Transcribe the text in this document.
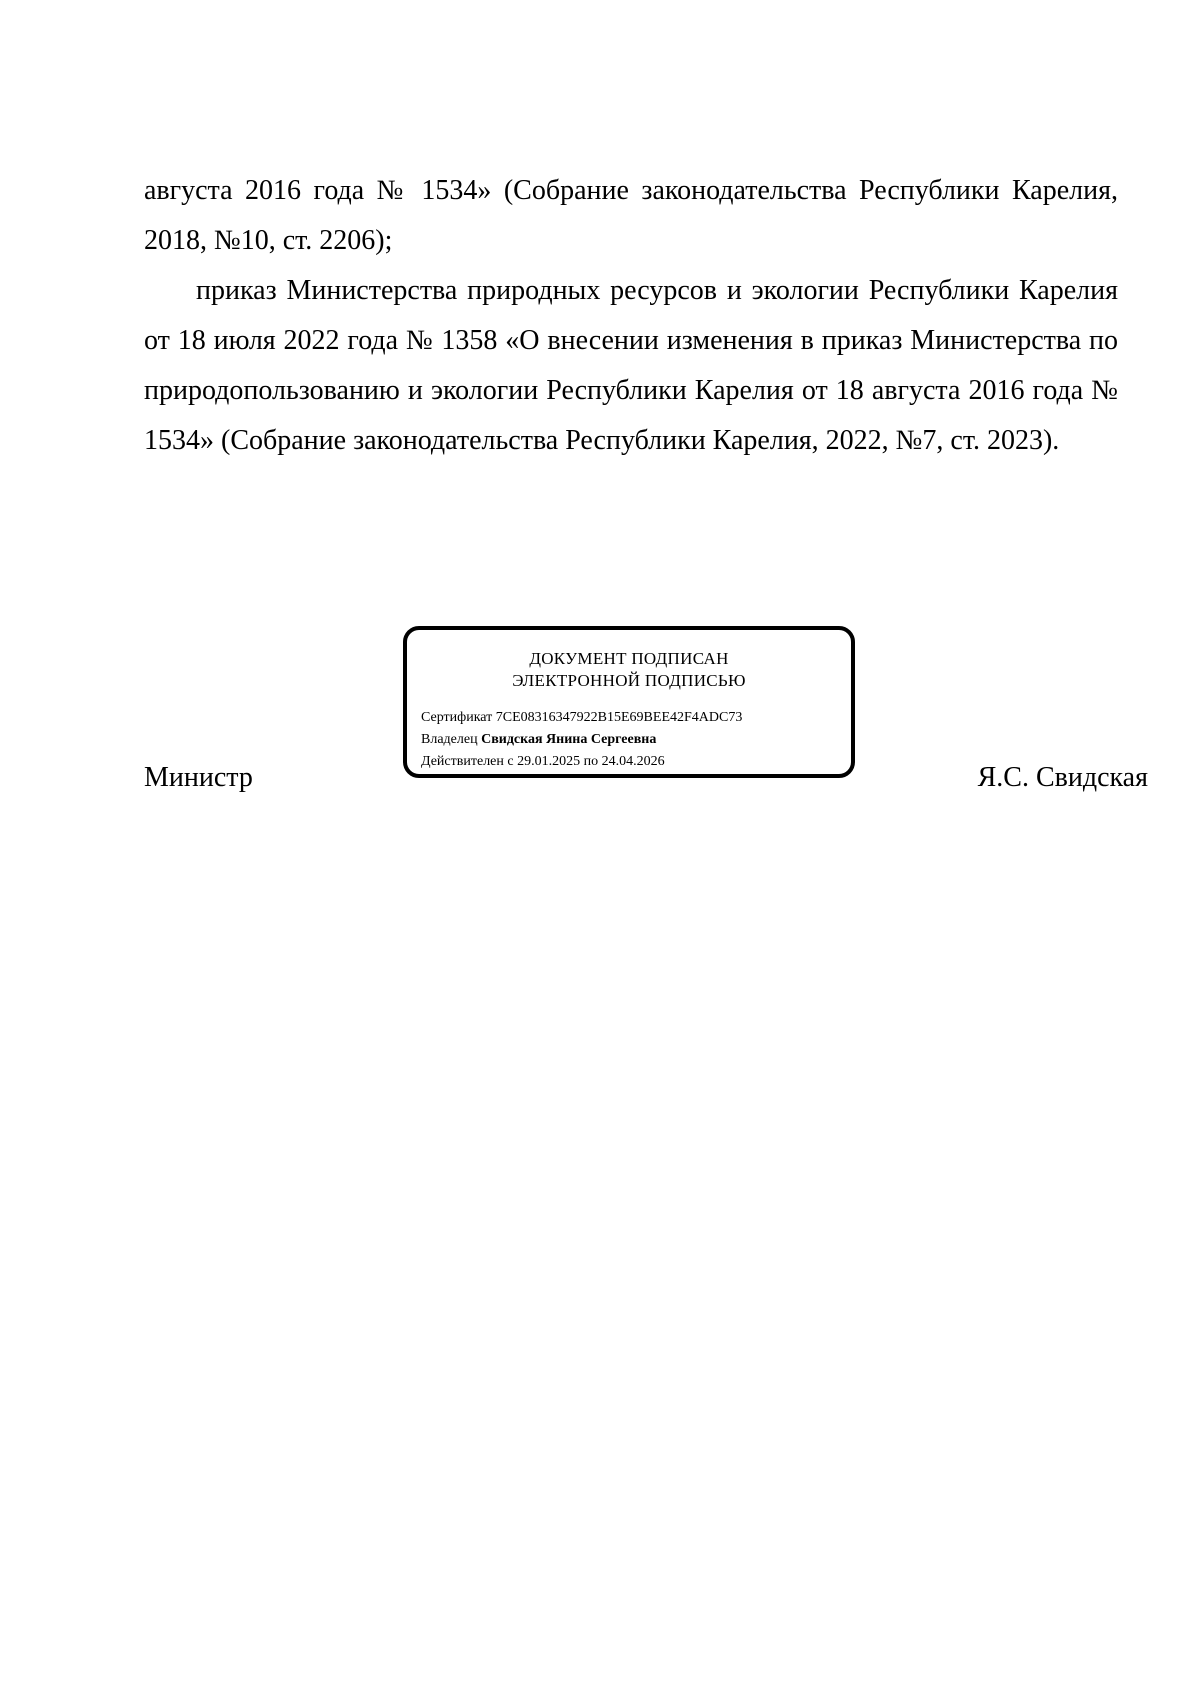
августа 2016 года № 1534» (Собрание законодательства Республики Карелия, 2018, №10, ст. 2206);

приказ Министерства природных ресурсов и экологии Республики Карелия от 18 июля 2022 года № 1358 «О внесении изменения в приказ Министерства по природопользованию и экологии Республики Карелия от 18 августа 2016 года № 1534» (Собрание законодательства Республики Карелия, 2022, №7, ст. 2023).

ДОКУМЕНТ ПОДПИСАН
ЭЛЕКТРОННОЙ ПОДПИСЬЮ
Сертификат 7CE08316347922B15E69BEE42F4ADC73
Владелец Свидская Янина Сергеевна
Действителен с 29.01.2025 по 24.04.2026
Министр	Я.С. Свидская
